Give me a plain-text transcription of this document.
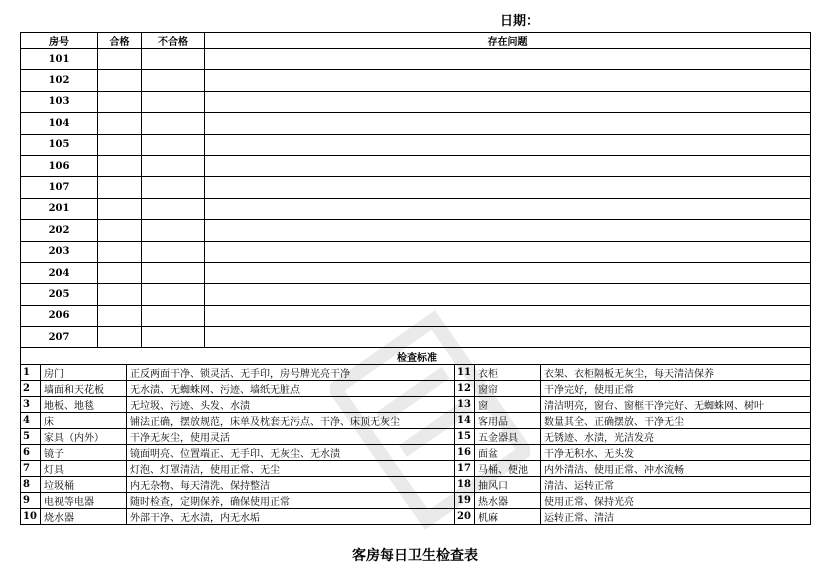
日期：
房号	合格	不合格	存在问题
101			
102			
103			
104			
105			
106			
107			
201			
202			
203			
204			
205			
206			
207			
检查标准					
1	房门	正反两面干净、锁灵活、无手印，房号牌光亮干净	11	衣柜	衣架、衣柜隔板无灰尘，每天清洁保养
2	墙面和天花板	无水渍、无蜘蛛网、污迹、墙纸无脏点	12	窗帘	干净完好，使用正常
3	地板、地毯	无垃圾、污迹、头发、水渍	13	窗	清洁明亮，窗台、窗框干净完好、无蜘蛛网、树叶
4	床	铺法正确，摆放规范，床单及枕套无污点、干净、床顶无灰尘	14	客用品	数量其全、正确摆放、干净无尘
5	家具（内外）	干净无灰尘，使用灵活	15	五金器具	无锈迹、水渍，光洁发亮
6	镜子	镜面明亮、位置端正、无手印、无灰尘、无水渍	16	面盆	干净无积水、无头发
7	灯具	灯泡、灯罩清洁，使用正常、无尘	17	马桶、便池	内外清洁、使用正常、冲水流畅
8	垃圾桶	内无杂物、每天清洗、保持整洁	18	抽风口	清洁、运转正常
9	电视等电器	随时检查，定期保养，确保使用正常	19	热水器	使用正常、保持光亮
10	烧水器	外部干净、无水渍，内无水垢	20	机麻	运转正常、清洁
客房每日卫生检查表
